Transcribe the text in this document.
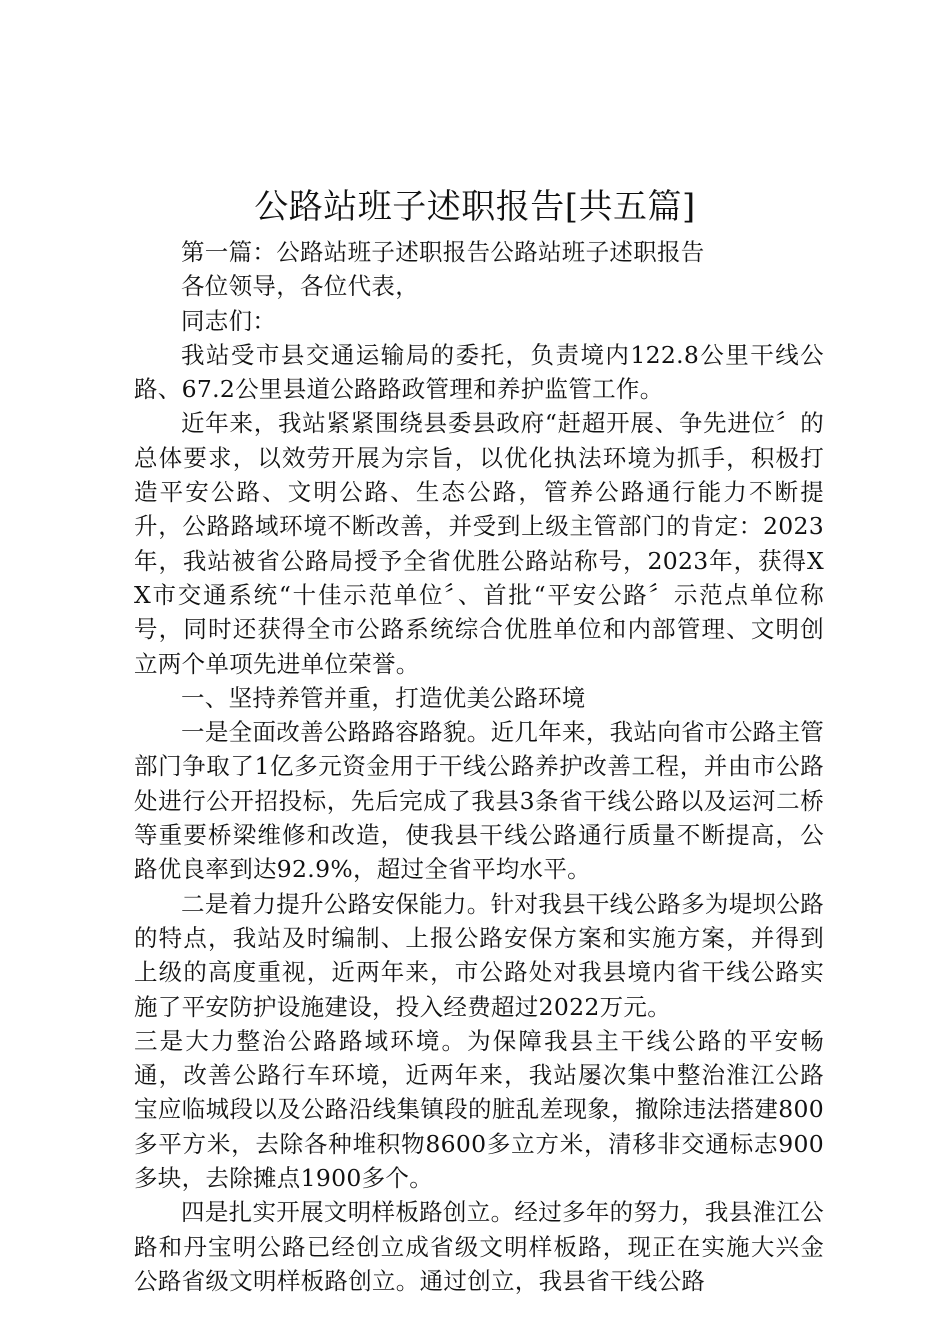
公路站班子述职报告[共五篇]

第一篇：公路站班子述职报告公路站班子述职报告

各位领导，各位代表，

同志们：

我站受市县交通运输局的委托，负责境内122.8公里干线公路、67.2公里县道公路路政管理和养护监管工作。

近年来，我站紧紧围绕县委县政府“赶超开展、争先进位〞的总体要求，以效劳开展为宗旨，以优化执法环境为抓手，积极打造平安公路、文明公路、生态公路，管养公路通行能力不断提升，公路路域环境不断改善，并受到上级主管部门的肯定：2023年，我站被省公路局授予全省优胜公路站称号，2023年，获得XX市交通系统“十佳示范单位〞、首批“平安公路〞示范点单位称号，同时还获得全市公路系统综合优胜单位和内部管理、文明创立两个单项先进单位荣誉。

一、坚持养管并重，打造优美公路环境

一是全面改善公路路容路貌。近几年来，我站向省市公路主管部门争取了1亿多元资金用于干线公路养护改善工程，并由市公路处进行公开招投标，先后完成了我县3条省干线公路以及运河二桥等重要桥梁维修和改造，使我县干线公路通行质量不断提高，公路优良率到达92.9%，超过全省平均水平。

二是着力提升公路安保能力。针对我县干线公路多为堤坝公路的特点，我站及时编制、上报公路安保方案和实施方案，并得到上级的高度重视，近两年来，市公路处对我县境内省干线公路实施了平安防护设施建设，投入经费超过2022万元。

三是大力整治公路路域环境。为保障我县主干线公路的平安畅通，改善公路行车环境，近两年来，我站屡次集中整治淮江公路宝应临城段以及公路沿线集镇段的脏乱差现象，撤除违法搭建800多平方米，去除各种堆积物8600多立方米，清移非交通标志900多块，去除摊点1900多个。

四是扎实开展文明样板路创立。经过多年的努力，我县淮江公路和丹宝明公路已经创立成省级文明样板路，现正在实施大兴金公路省级文明样板路创立。通过创立，我县省干线公路
